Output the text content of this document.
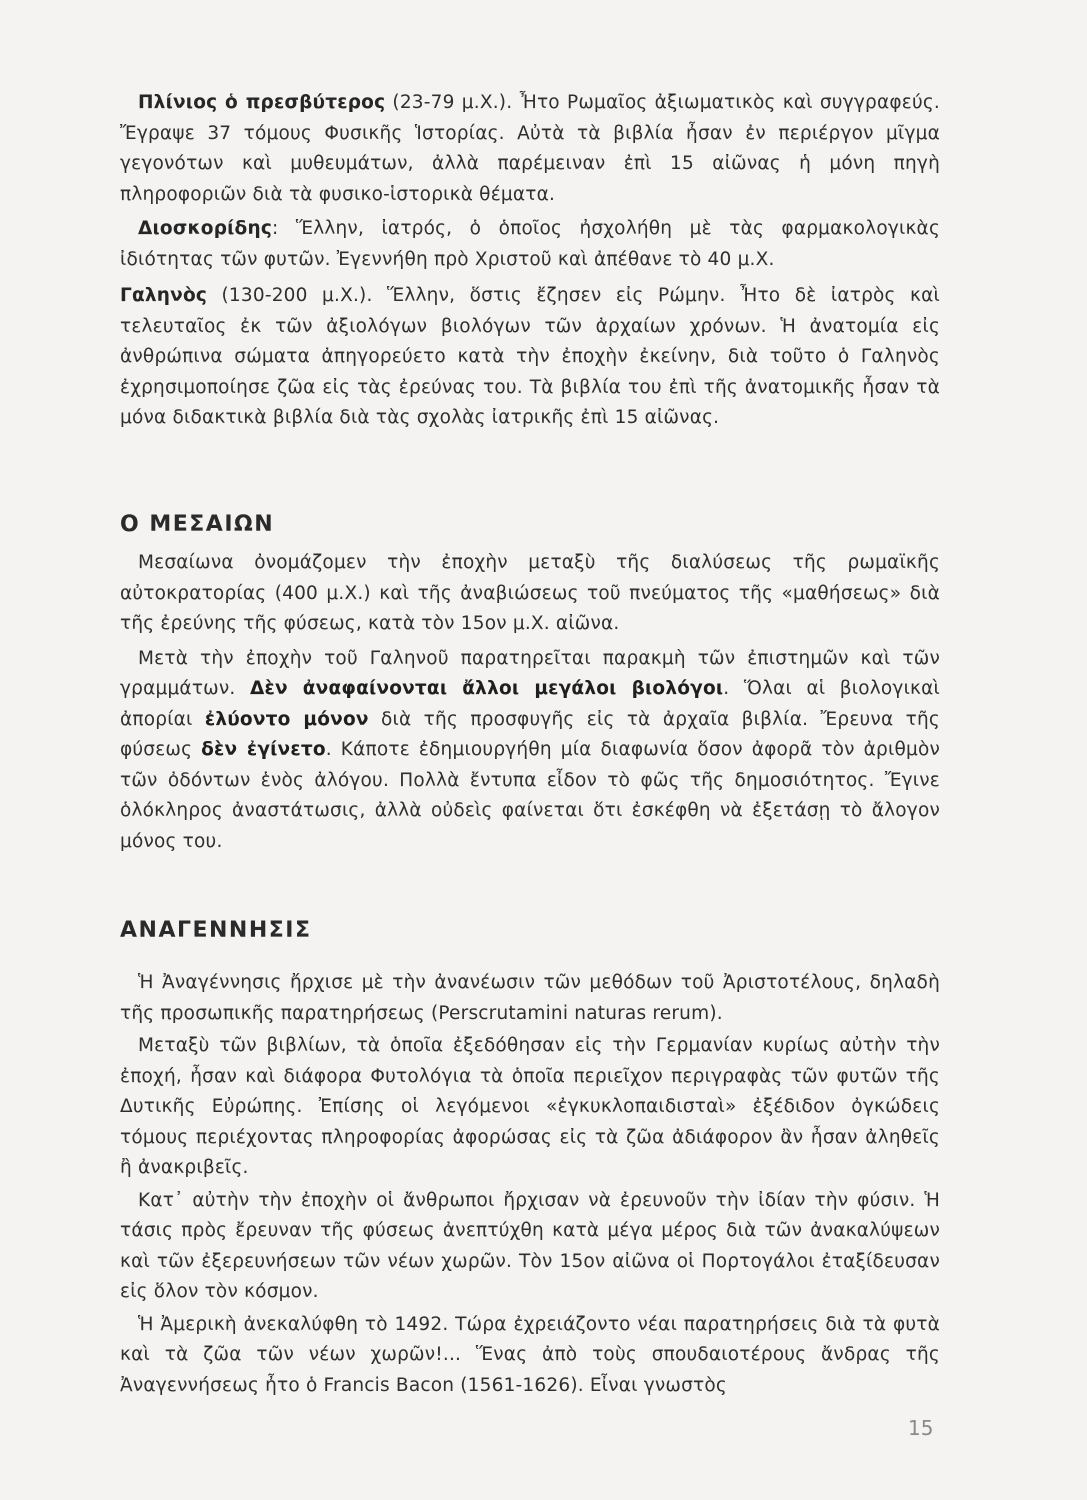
Πλίνιος ὁ πρεσβύτερος (23-79 μ.Χ.). Ἦτο Ρωμαῖος ἀξιωματικὸς καὶ συγγραφεύς. Ἔγραψε 37 τόμους Φυσικῆς Ἱστορίας. Αὐτὰ τὰ βιβλία ἦσαν ἐν περιέργον μῖγμα γεγονότων καὶ μυθευμάτων, ἀλλὰ παρέμειναν ἐπὶ 15 αἰῶνας ἡ μόνη πηγὴ πληροφοριῶν διὰ τὰ φυσικο-ἱστορικὰ θέματα.

Διοσκορίδης: Ἕλλην, ἰατρός, ὁ ὁποῖος ἠσχολήθη μὲ τὰς φαρμακολογικὰς ἰδιότητας τῶν φυτῶν. Ἐγεννήθη πρὸ Χριστοῦ καὶ ἀπέθανε τὸ 40 μ.Χ.

Γαληνὸς (130-200 μ.Χ.). Ἕλλην, ὅστις ἔζησεν εἰς Ρώμην. Ἦτο δὲ ἰατρὸς καὶ τελευταῖος ἐκ τῶν ἀξιολόγων βιολόγων τῶν ἀρχαίων χρόνων. Ἡ ἀνατομία εἰς ἀνθρώπινα σώματα ἀπηγορεύετο κατὰ τὴν ἐποχὴν ἐκείνην, διὰ τοῦτο ὁ Γαληνὸς ἐχρησιμοποίησε ζῶα εἰς τὰς ἐρεύνας του. Τὰ βιβλία του ἐπὶ τῆς ἀνατομικῆς ἦσαν τὰ μόνα διδακτικὰ βιβλία διὰ τὰς σχολὰς ἰατρικῆς ἐπὶ 15 αἰῶνας.

Ο ΜΕΣΑΙΩΝ

Μεσαίωνα ὀνομάζομεν τὴν ἐποχὴν μεταξὺ τῆς διαλύσεως τῆς ρωμαϊκῆς αὐτοκρατορίας (400 μ.Χ.) καὶ τῆς ἀναβιώσεως τοῦ πνεύματος τῆς «μαθήσεως» διὰ τῆς ἐρεύνης τῆς φύσεως, κατὰ τὸν 15ον μ.Χ. αἰῶνα.

Μετὰ τὴν ἐποχὴν τοῦ Γαληνοῦ παρατηρεῖται παρακμὴ τῶν ἐπιστημῶν καὶ τῶν γραμμάτων. Δὲν ἀναφαίνονται ἄλλοι μεγάλοι βιολόγοι. Ὅλαι αἱ βιολογικαὶ ἀπορίαι ἐλύοντο μόνον διὰ τῆς προσφυγῆς εἰς τὰ ἀρχαῖα βιβλία. Ἔρευνα τῆς φύσεως δὲν ἐγίνετο. Κάποτε ἐδημιουργήθη μία διαφωνία ὅσον ἀφορᾶ τὸν ἀριθμὸν τῶν ὀδόντων ἑνὸς ἀλόγου. Πολλὰ ἔντυπα εἶδον τὸ φῶς τῆς δημοσιότητος. Ἔγινε ὁλόκληρος ἀναστάτωσις, ἀλλὰ οὐδεὶς φαίνεται ὅτι ἐσκέφθη νὰ ἐξετάσῃ τὸ ἄλογον μόνος του.

ΑΝΑΓΕΝΝΗΣΙΣ

Ἡ Ἀναγέννησις ἤρχισε μὲ τὴν ἀνανέωσιν τῶν μεθόδων τοῦ Ἀριστοτέλους, δηλαδὴ τῆς προσωπικῆς παρατηρήσεως (Perscrutamini naturas rerum).

Μεταξὺ τῶν βιβλίων, τὰ ὁποῖα ἐξεδόθησαν εἰς τὴν Γερμανίαν κυρίως αὐτὴν τὴν ἐποχή, ἦσαν καὶ διάφορα Φυτολόγια τὰ ὁποῖα περιεῖχον περιγραφὰς τῶν φυτῶν τῆς Δυτικῆς Εὐρώπης. Ἐπίσης οἱ λεγόμενοι «ἐγκυκλοπαιδισταὶ» ἐξέδιδον ὀγκώδεις τόμους περιέχοντας πληροφορίας ἀφορώσας εἰς τὰ ζῶα ἀδιάφορον ἂν ἦσαν ἀληθεῖς ἢ ἀνακριβεῖς.

Κατ᾽ αὐτὴν τὴν ἐποχὴν οἱ ἄνθρωποι ἤρχισαν νὰ ἐρευνοῦν τὴν ἰδίαν τὴν φύσιν. Ἡ τάσις πρὸς ἔρευναν τῆς φύσεως ἀνεπτύχθη κατὰ μέγα μέρος διὰ τῶν ἀνακαλύψεων καὶ τῶν ἐξερευνήσεων τῶν νέων χωρῶν. Τὸν 15ον αἰῶνα οἱ Πορτογάλοι ἐταξίδευσαν εἰς ὅλον τὸν κόσμον.

Ἡ Ἀμερικὴ ἀνεκαλύφθη τὸ 1492. Τώρα ἐχρειάζοντο νέαι παρατηρήσεις διὰ τὰ φυτὰ καὶ τὰ ζῶα τῶν νέων χωρῶν!... Ἕνας ἀπὸ τοὺς σπουδαιοτέρους ἄνδρας τῆς Ἀναγεννήσεως ἦτο ὁ Francis Bacon (1561-1626). Εἶναι γνωστὸς

15
